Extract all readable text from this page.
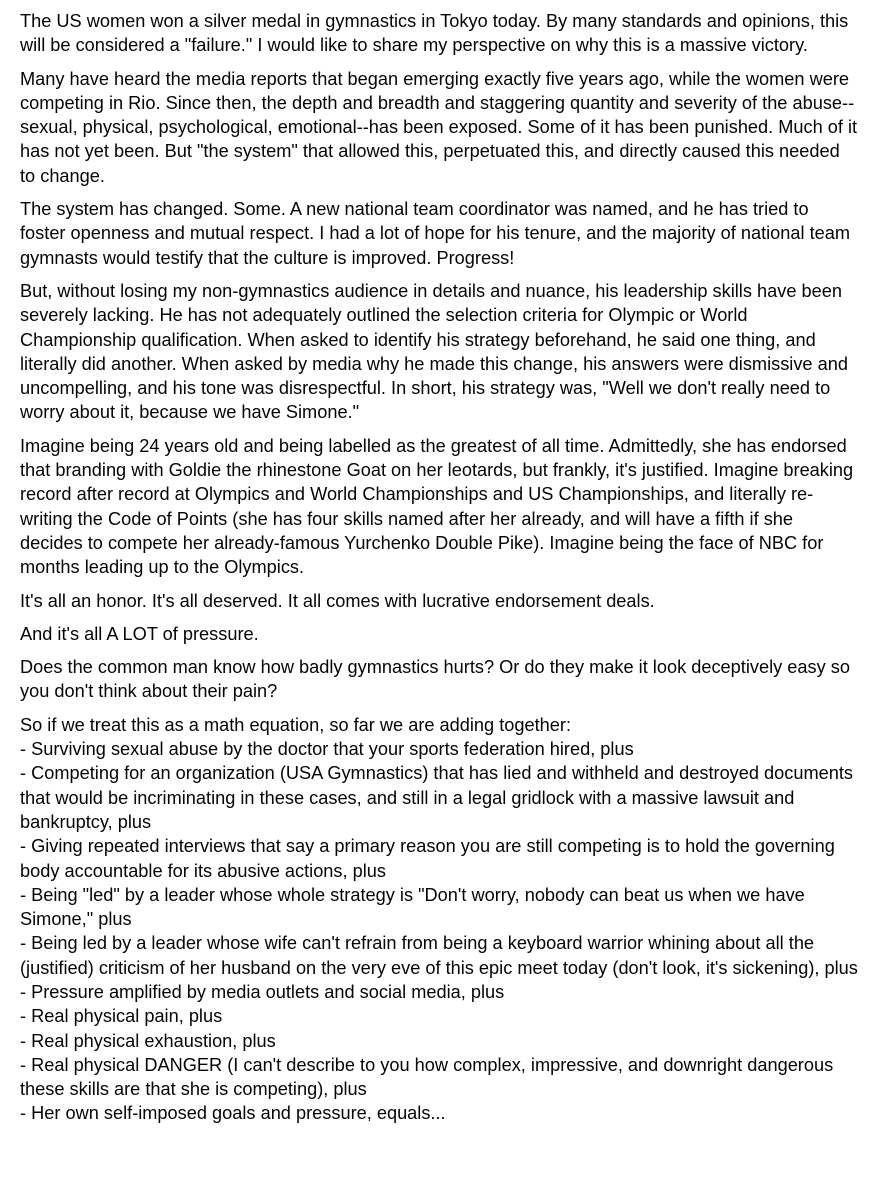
The US women won a silver medal in gymnastics in Tokyo today. By many standards and opinions, this will be considered a "failure." I would like to share my perspective on why this is a massive victory.

Many have heard the media reports that began emerging exactly five years ago, while the women were competing in Rio. Since then, the depth and breadth and staggering quantity and severity of the abuse--sexual, physical, psychological, emotional--has been exposed. Some of it has been punished. Much of it has not yet been. But "the system" that allowed this, perpetuated this, and directly caused this needed to change.

The system has changed. Some. A new national team coordinator was named, and he has tried to foster openness and mutual respect. I had a lot of hope for his tenure, and the majority of national team gymnasts would testify that the culture is improved. Progress!

But, without losing my non-gymnastics audience in details and nuance, his leadership skills have been severely lacking. He has not adequately outlined the selection criteria for Olympic or World Championship qualification. When asked to identify his strategy beforehand, he said one thing, and literally did another. When asked by media why he made this change, his answers were dismissive and uncompelling, and his tone was disrespectful. In short, his strategy was, "Well we don't really need to worry about it, because we have Simone."

Imagine being 24 years old and being labelled as the greatest of all time. Admittedly, she has endorsed that branding with Goldie the rhinestone Goat on her leotards, but frankly, it's justified. Imagine breaking record after record at Olympics and World Championships and US Championships, and literally re-writing the Code of Points (she has four skills named after her already, and will have a fifth if she decides to compete her already-famous Yurchenko Double Pike). Imagine being the face of NBC for months leading up to the Olympics.

It's all an honor. It's all deserved. It all comes with lucrative endorsement deals.

And it's all A LOT of pressure.

Does the common man know how badly gymnastics hurts? Or do they make it look deceptively easy so you don't think about their pain?

So if we treat this as a math equation, so far we are adding together:
- Surviving sexual abuse by the doctor that your sports federation hired, plus
- Competing for an organization (USA Gymnastics) that has lied and withheld and destroyed documents that would be incriminating in these cases, and still in a legal gridlock with a massive lawsuit and bankruptcy, plus
- Giving repeated interviews that say a primary reason you are still competing is to hold the governing body accountable for its abusive actions, plus
- Being "led" by a leader whose whole strategy is "Don't worry, nobody can beat us when we have Simone," plus
- Being led by a leader whose wife can't refrain from being a keyboard warrior whining about all the (justified) criticism of her husband on the very eve of this epic meet today (don't look, it's sickening), plus
- Pressure amplified by media outlets and social media, plus
- Real physical pain, plus
- Real physical exhaustion, plus
- Real physical DANGER (I can't describe to you how complex, impressive, and downright dangerous these skills are that she is competing), plus
- Her own self-imposed goals and pressure, equals...
